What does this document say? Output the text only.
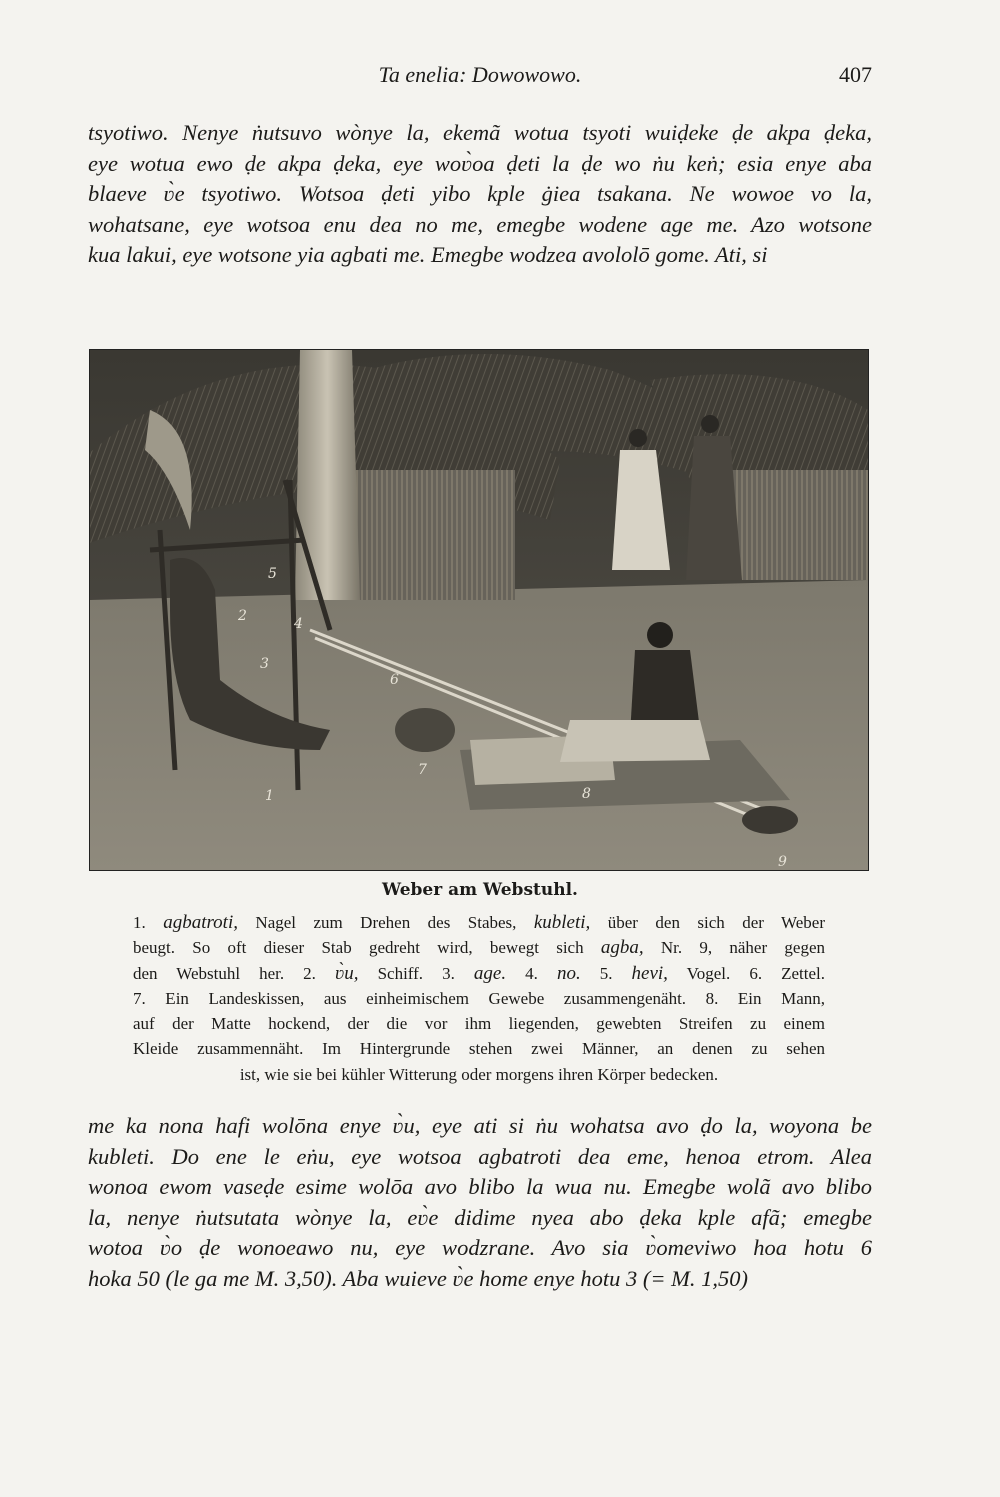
Ta enelia: Dowowowo.	407
tsyotiwo. Nenye ṅutsuvo wònye la, ekemã wotua tsyoti wuiḍeke ḍe akpa ḍeka,
eye wotua ewo ḍe akpa ḍeka, eye woʋ̀oa ḍeti la ḍe wo ṅu keṅ; esia enye aba
blaeve ʋ̀e tsyotiwo. Wotsoa ḍeti yibo kple ġiea tsakana. Ne wowoe vo la,
wohatsane, eye wotsoa enu dea no me, emegbe wodene age me. Azo wotsone
kua lakui, eye wotsone yia agbati me. Emegbe wodzea avololō gome. Ati, si
1
2
3
4
5
6
7
8
9
Weber am Webstuhl.
1. agbatroti, Nagel zum Drehen des Stabes, kubleti, über den sich der Weber
beugt. So oft dieser Stab gedreht wird, bewegt sich agba, Nr. 9, näher gegen
den Webstuhl her. 2. ʋ̀u, Schiff. 3. age. 4. no. 5. hevi, Vogel. 6. Zettel.
7. Ein Landeskissen, aus einheimischem Gewebe zusammengenäht. 8. Ein Mann,
auf der Matte hockend, der die vor ihm liegenden, gewebten Streifen zu einem
Kleide zusammennäht. Im Hintergrunde stehen zwei Männer, an denen zu sehen
ist, wie sie bei kühler Witterung oder morgens ihren Körper bedecken.
me ka nona hafi wolōna enye ʋ̀u, eye ati si ṅu wohatsa avo ḍo la, woyona be
kubleti. Do ene le eṅu, eye wotsoa agbatroti dea eme, henoa etrom. Alea
wonoa ewom vaseḍe esime wolōa avo blibo la wua nu. Emegbe wolã avo blibo
la, nenye ṅutsutata wònye la, eʋ̀e didime nyea abo ḍeka kple afã; emegbe
wotoa ʋ̀o ḍe wonoeawo nu, eye wodzrane. Avo sia ʋ̀omeviwo hoa hotu 6
hoka 50 (le ga me M. 3,50). Aba wuieve ʋ̀e home enye hotu 3 (= M. 1,50)
